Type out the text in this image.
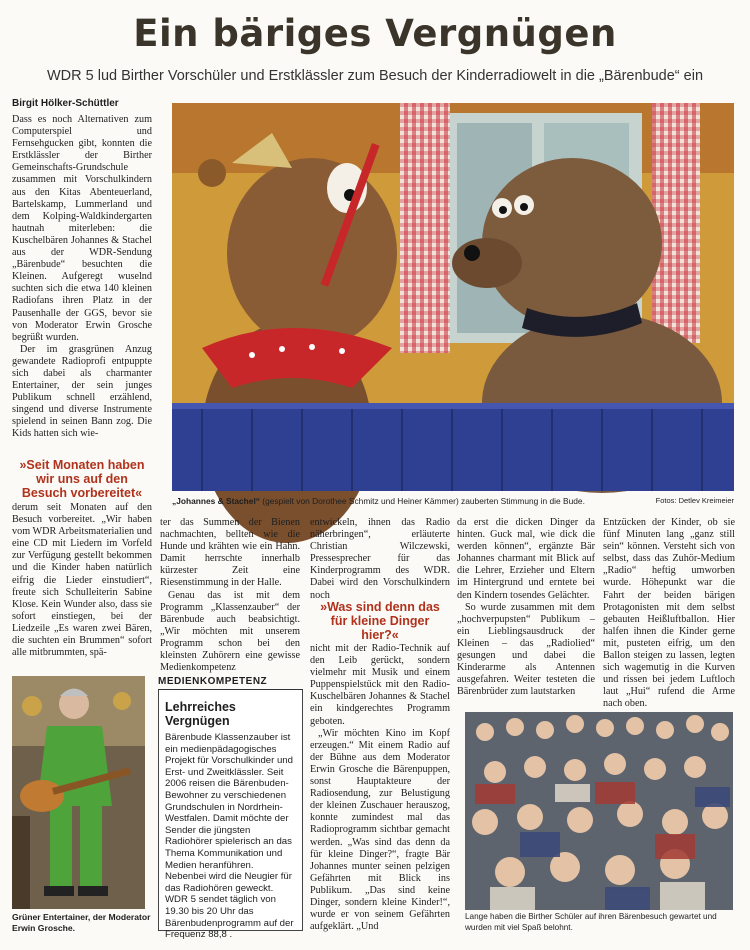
Ein bäriges Vergnügen
WDR 5 lud Birther Vorschüler und Erstklässler zum Besuch der Kinderradiowelt in die „Bärenbude“ ein
Birgit Hölker-Schüttler

Dass es noch Alternativen zum Computerspiel und Fernsehgucken gibt, konnten die Erstklässler der Birther Gemeinschafts-Grundschule zusammen mit Vorschulkindern aus den Kitas Abenteuerland, Bartelskamp, Lummerland und dem Kolping-Waldkindergarten hautnah miterleben: die Kuschelbären Johannes & Stachel aus der WDR-Sendung „Bärenbude“ besuchten die Kleinen. Aufgeregt wuselnd suchten sich die etwa 140 kleinen Radiofans ihren Platz in der Pausenhalle der GGS, bevor sie von Moderator Erwin Grosche begrüßt wurden.

Der im grasgrünen Anzug gewandete Radioprofi entpuppte sich dabei als charmanter Entertainer, der sein junges Publikum schnell erzählend, singend und diverse Instrumente spielend in seinen Bann zog. Die Kids hatten sich wie-

»Seit Monaten haben wir uns auf den Besuch vorbereitet«
„Johannes & Stachel“ (gespielt von Dorothee Schmitz und Heiner Kämmer) zauberten Stimmung in die Bude.	Fotos: Detlev Kreimeier

derum seit Monaten auf den Besuch vorbereitet. „Wir haben vom WDR Arbeitsmaterialien und eine CD mit Liedern im Vorfeld zur Verfügung gestellt bekommen und die Kinder haben natürlich eifrig die Lieder einstudiert“, freute sich Schulleiterin Sabine Klose. Kein Wunder also, dass sie sofort einstiegen, bei der Liedzeile „Es waren zwei Bären, die suchten ein Brummen“ sofort alle mitbrummten, spä-

ter das Summen der Bienen nachmachten, bellten wie die Hunde und krähten wie ein Hahn. Damit herrschte innerhalb kürzester Zeit eine Riesenstimmung in der Halle.

Genau das ist mit dem Programm „Klassenzauber“ der Bärenbude auch beabsichtigt. „Wir möchten mit unserem Programm schon bei den kleinsten Zuhörern eine gewisse Medienkompetenz

MEDIENKOMPETENZ
Lehrreiches Vergnügen
Bärenbude Klassenzauber ist ein medienpädagogisches Projekt für Vorschulkinder und Erst- und Zweitklässler. Seit 2006 reisen die Bärenbuden-Bewohner zu verschiedenen Grundschulen in Nordrhein-Westfalen. Damit möchte der Sender die jüngsten Radiohörer spielerisch an das Thema Kommunikation und Medien heranführen. Nebenbei wird die Neugier für das Radiohören geweckt. WDR 5 sendet täglich von 19.30 bis 20 Uhr das Bärenbudenprogramm auf der Frequenz 88,8 .

entwickeln, ihnen das Radio näherbringen“, erläuterte Christian Wilczewski, Pressesprecher für das Kinderprogramm des WDR. Dabei wird den Vorschulkindern noch

»Was sind denn das für kleine Dinger hier?«

nicht mit der Radio-Technik auf den Leib gerückt, sondern vielmehr mit Musik und einem Puppenspielstück mit den Radio-Kuschelbären Johannes & Stachel ein kindgerechtes Programm geboten.

„Wir möchten Kino im Kopf erzeugen.“ Mit einem Radio auf der Bühne aus dem Moderator Erwin Grosche die Bärenpuppen, sonst Hauptakteure der Radiosendung, zur Belustigung der kleinen Zuschauer herauszog, konnte zumindest mal das Radioprogramm sichtbar gemacht werden. „Was sind das denn da für kleine Dinger?“, fragte Bär Johannes munter seinen pelzigen Gefährten mit Blick ins Publikum. „Das sind keine Dinger, sondern kleine Kinder!“, wurde er von seinem Gefährten aufgeklärt. „Und

da erst die dicken Dinger da hinten. Guck mal, wie dick die werden können“, ergänzte Bär Johannes charmant mit Blick auf die Lehrer, Erzieher und Eltern im Hintergrund und erntete bei den Kindern tosendes Gelächter.

So wurde zusammen mit dem „hochverpupsten“ Publikum – ein Lieblingsausdruck der Kleinen – das „Radiolied“ gesungen und dabei die Kinderarme als Antennen ausgefahren. Weiter testeten die Bärenbrüder zum lautstarken

Entzücken der Kinder, ob sie fünf Minuten lang „ganz still sein“ können. Versteht sich von selbst, dass das Zuhör-Medium „Radio“ heftig umworben wurde. Höhepunkt war die Fahrt der beiden bärigen Protagonisten mit dem selbst gebauten Heißluftballon. Hier halfen ihnen die Kinder gerne mit, pusteten eifrig, um den Ballon steigen zu lassen, legten sich wagemutig in die Kurven und rissen bei jedem Luftloch laut „Hui“ rufend die Arme nach oben.

Grüner Entertainer, der Moderator Erwin Grosche.
Lange haben die Birther Schüler auf ihren Bärenbesuch gewartet und wurden mit viel Spaß belohnt.
